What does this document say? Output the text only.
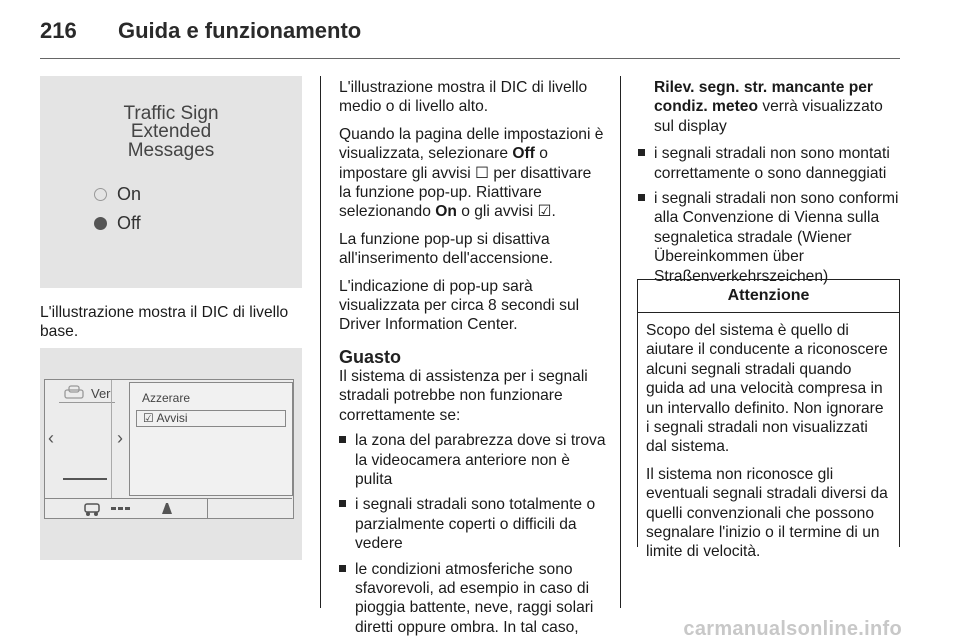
216 Guida e funzionamento
Traffic Sign
Extended
Messages
On
Off
L'illustrazione mostra il DIC di livello base.
Ver
‹	›
Azzerare
☑ Avvisi

L'illustrazione mostra il DIC di livello medio o di livello alto.

Quando la pagina delle impostazioni è visualizzata, selezionare Off o impostare gli avvisi ☐ per disattivare la funzione pop-up. Riattivare selezionando On o gli avvisi ☑.

La funzione pop-up si disattiva all'inserimento dell'accensione.

L'indicazione di pop-up sarà visualizzata per circa 8 secondi sul Driver Information Center.

Guasto

Il sistema di assistenza per i segnali stradali potrebbe non funzionare correttamente se:

la zona del parabrezza dove si trova la videocamera anteriore non è pulita
i segnali stradali sono totalmente o parzialmente coperti o difficili da vedere
le condizioni atmosferiche sono sfavorevoli, ad esempio in caso di pioggia battente, neve, raggi solari diretti oppure ombra. In tal caso,

Rilev. segn. str. mancante per condiz. meteo verrà visualizzato sul display

i segnali stradali non sono montati correttamente o sono danneggiati
i segnali stradali non sono conformi alla Convenzione di Vienna sulla segnaletica stradale (Wiener Übereinkommen über Straßenverkehrszeichen)
Attenzione

Scopo del sistema è quello di aiutare il conducente a riconoscere alcuni segnali stradali quando guida ad una velocità compresa in un intervallo definito. Non ignorare i segnali stradali non visualizzati dal sistema.

Il sistema non riconosce gli eventuali segnali stradali diversi da quelli convenzionali che possono segnalare l'inizio o il termine di un limite di velocità.

carmanualsonline.info
